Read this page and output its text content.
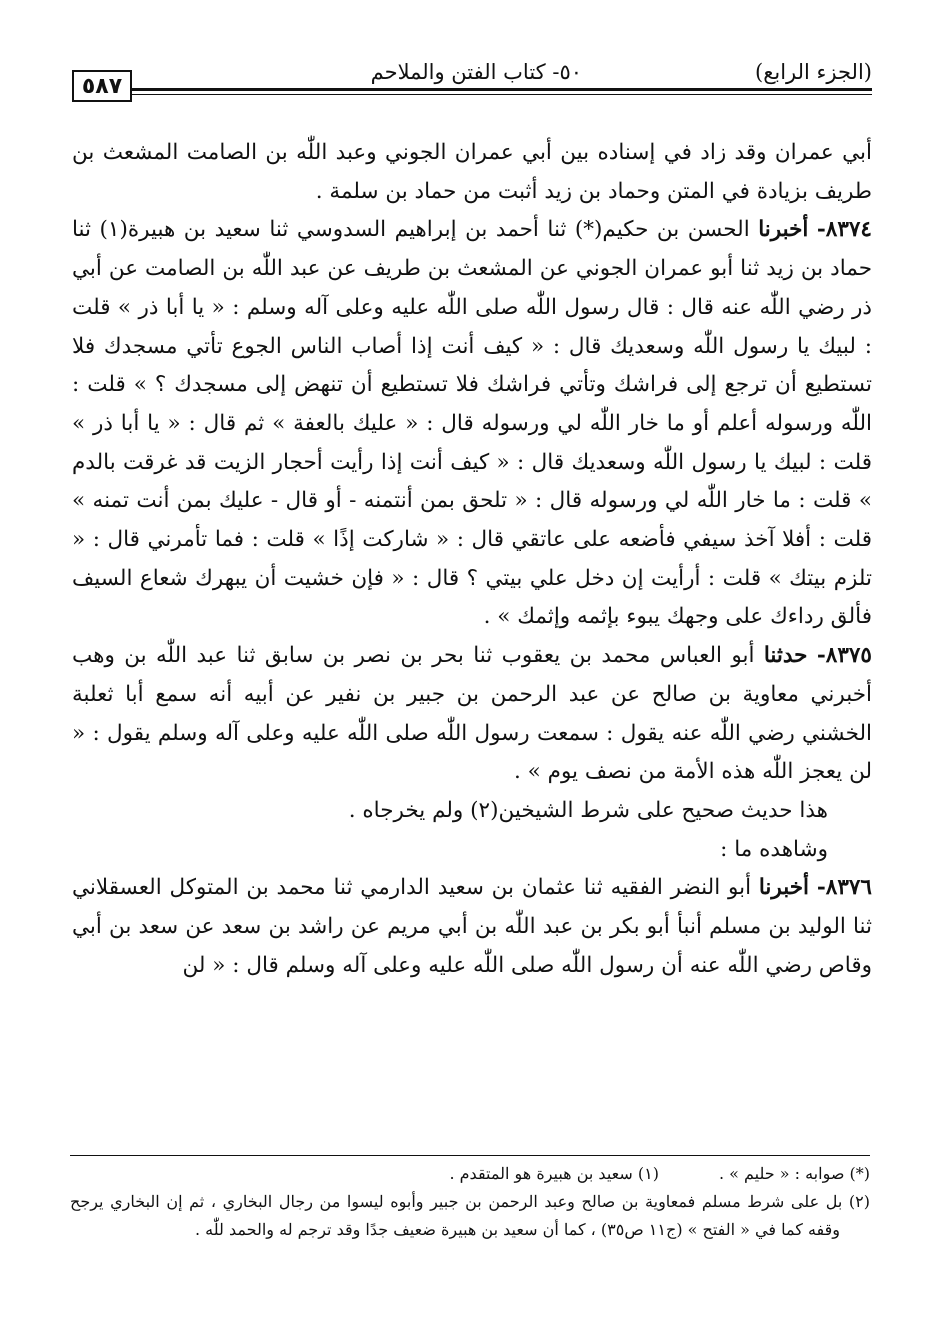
(الجزء الرابع)
٥٠- كتاب الفتن والملاحم
٥٨٧

أبي عمران وقد زاد في إسناده بين أبي عمران الجوني وعبد اللّٰه بن الصامت المشعث بن طريف بزيادة في المتن وحماد بن زيد أثبت من حماد بن سلمة .

٨٣٧٤- أخبرنا الحسن بن حكيم(*) ثنا أحمد بن إبراهيم السدوسي ثنا سعيد بن هبيرة(١) ثنا حماد بن زيد ثنا أبو عمران الجوني عن المشعث بن طريف عن عبد اللّٰه بن الصامت عن أبي ذر رضي اللّٰه عنه قال : قال رسول اللّٰه صلى اللّٰه عليه وعلى آله وسلم : « يا أبا ذر » قلت : لبيك يا رسول اللّٰه وسعديك قال : « كيف أنت إذا أصاب الناس الجوع تأتي مسجدك فلا تستطيع أن ترجع إلى فراشك وتأتي فراشك فلا تستطيع أن تنهض إلى مسجدك ؟ » قلت : اللّٰه ورسوله أعلم أو ما خار اللّٰه لي ورسوله قال : « عليك بالعفة » ثم قال : « يا أبا ذر » قلت : لبيك يا رسول اللّٰه وسعديك قال : « كيف أنت إذا رأيت أحجار الزيت قد غرقت بالدم » قلت : ما خار اللّٰه لي ورسوله قال : « تلحق بمن أنتمنه - أو قال - عليك بمن أنت تمنه » قلت : أفلا آخذ سيفي فأضعه على عاتقي قال : « شاركت إذًا » قلت : فما تأمرني قال : « تلزم بيتك » قلت : أرأيت إن دخل علي بيتي ؟ قال : « فإن خشيت أن يبهرك شعاع السيف فألق رداءك على وجهك يبوء بإثمه وإثمك » .

٨٣٧٥- حدثنا أبو العباس محمد بن يعقوب ثنا بحر بن نصر بن سابق ثنا عبد اللّٰه بن وهب أخبرني معاوية بن صالح عن عبد الرحمن بن جبير بن نفير عن أبيه أنه سمع أبا ثعلبة الخشني رضي اللّٰه عنه يقول : سمعت رسول اللّٰه صلى اللّٰه عليه وعلى آله وسلم يقول : « لن يعجز اللّٰه هذه الأمة من نصف يوم » .

هذا حديث صحيح على شرط الشيخين(٢) ولم يخرجاه .

وشاهده ما :

٨٣٧٦- أخبرنا أبو النضر الفقيه ثنا عثمان بن سعيد الدارمي ثنا محمد بن المتوكل العسقلاني ثنا الوليد بن مسلم أنبأ أبو بكر بن عبد اللّٰه بن أبي مريم عن راشد بن سعد عن سعد بن أبي وقاص رضي اللّٰه عنه أن رسول اللّٰه صلى اللّٰه عليه وعلى آله وسلم قال : « لن

(*) صوابه : « حليم » .
(١) سعيد بن هبيرة هو المتقدم .

(٢) بل على شرط مسلم فمعاوية بن صالح وعبد الرحمن بن جبير وأبوه ليسوا من رجال البخاري ، ثم إن البخاري يرجح وقفه كما في « الفتح » (ج١١ ص٣٥) ، كما أن سعيد بن هبيرة ضعيف جدًا وقد ترجم له والحمد للّٰه .
